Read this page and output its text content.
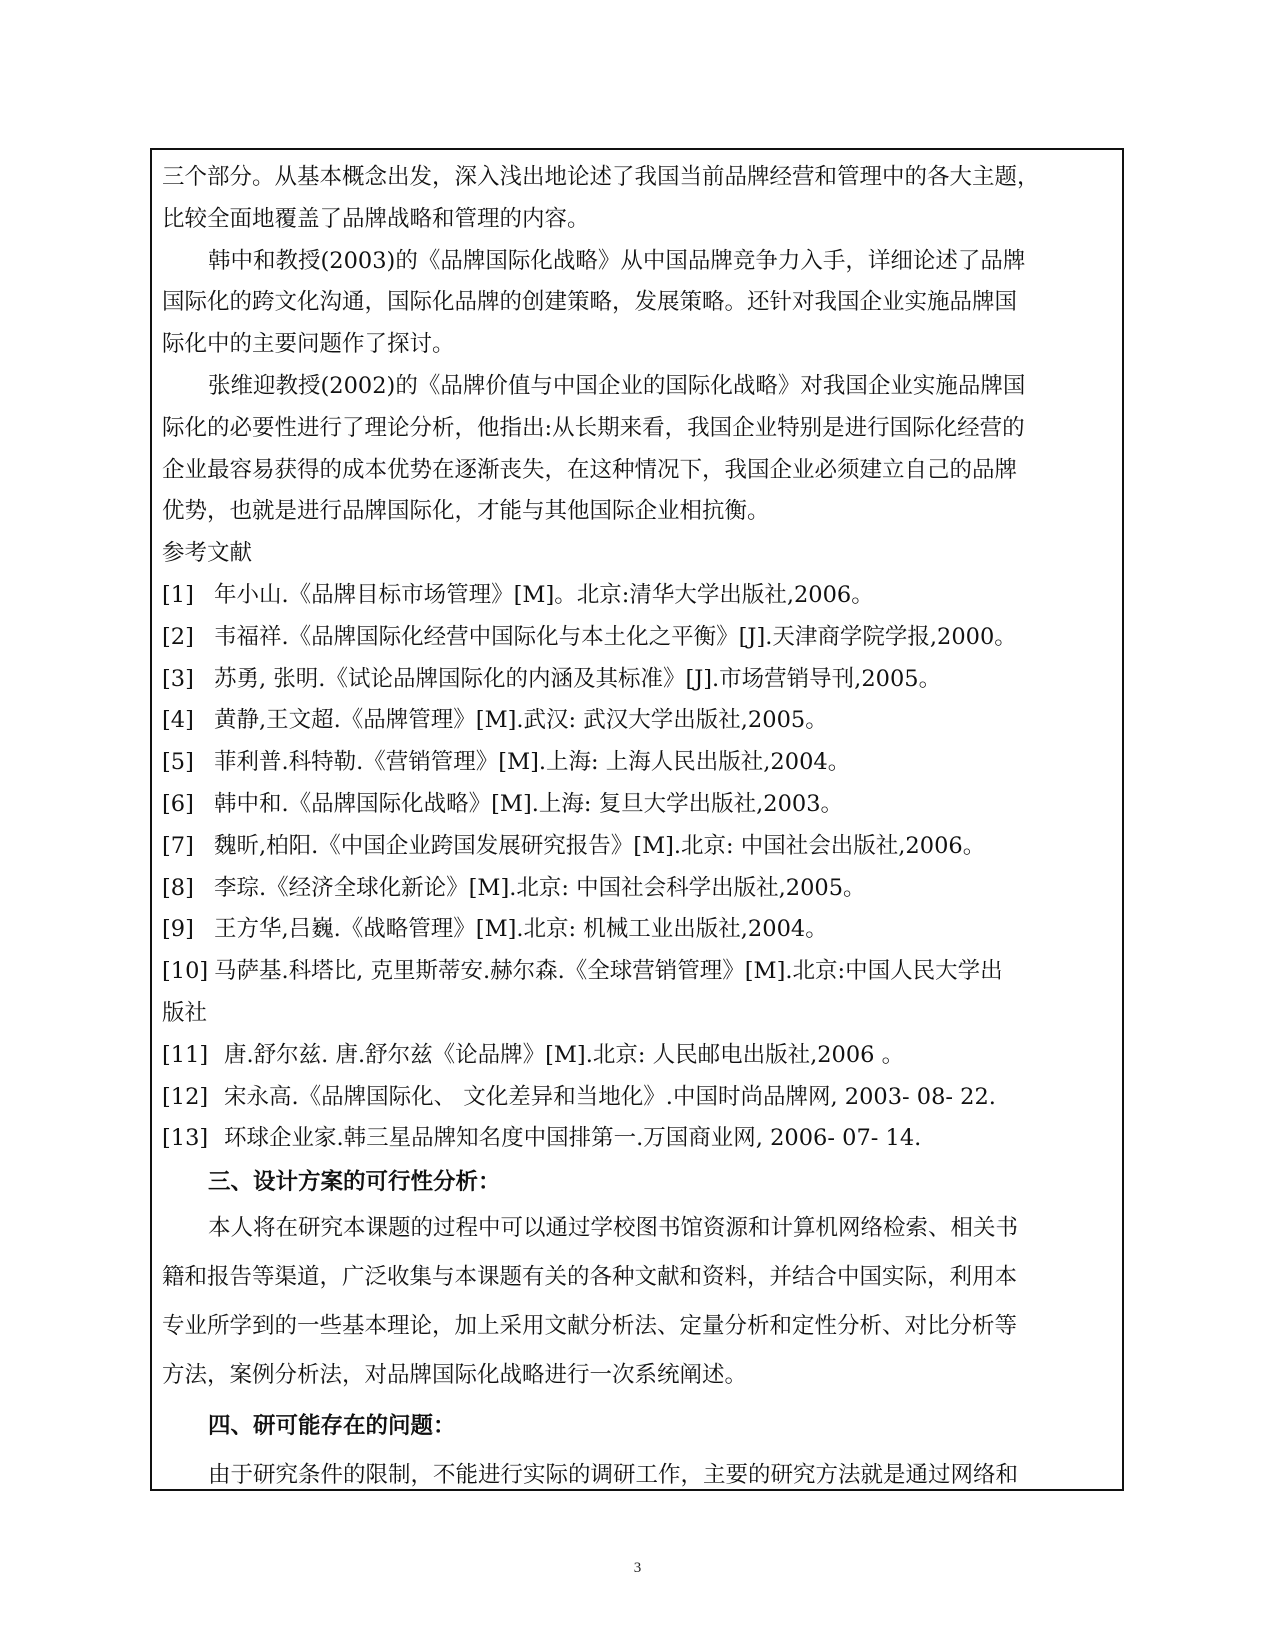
三个部分。从基本概念出发，深入浅出地论述了我国当前品牌经营和管理中的各大主题，

比较全面地覆盖了品牌战略和管理的内容。

韩中和教授(2003)的《品牌国际化战略》从中国品牌竞争力入手，详细论述了品牌

国际化的跨文化沟通，国际化品牌的创建策略，发展策略。还针对我国企业实施品牌国

际化中的主要问题作了探讨。

张维迎教授(2002)的《品牌价值与中国企业的国际化战略》对我国企业实施品牌国

际化的必要性进行了理论分析，他指出:从长期来看，我国企业特别是进行国际化经营的

企业最容易获得的成本优势在逐渐丧失，在这种情况下，我国企业必须建立自己的品牌

优势，也就是进行品牌国际化，才能与其他国际企业相抗衡。

参考文献

[1] 年小山.《品牌目标市场管理》[M]。北京:清华大学出版社,2006。

[2] 韦福祥.《品牌国际化经营中国际化与本土化之平衡》[J].天津商学院学报,2000。

[3] 苏勇, 张明.《试论品牌国际化的内涵及其标准》[J].市场营销导刊,2005。

[4] 黄静,王文超.《品牌管理》[M].武汉: 武汉大学出版社,2005。

[5] 菲利普.科特勒.《营销管理》[M].上海: 上海人民出版社,2004。

[6] 韩中和.《品牌国际化战略》[M].上海: 复旦大学出版社,2003。

[7] 魏昕,柏阳.《中国企业跨国发展研究报告》[M].北京: 中国社会出版社,2006。

[8] 李琮.《经济全球化新论》[M].北京: 中国社会科学出版社,2005。

[9] 王方华,吕巍.《战略管理》[M].北京: 机械工业出版社,2004。

[10] 马萨基.科塔比, 克里斯蒂安.赫尔森.《全球营销管理》[M].北京:中国人民大学出

版社

[11] 唐.舒尔兹. 唐.舒尔兹《论品牌》[M].北京: 人民邮电出版社,2006 。

[12] 宋永高.《品牌国际化、 文化差异和当地化》.中国时尚品牌网, 2003- 08- 22.

[13] 环球企业家.韩三星品牌知名度中国排第一.万国商业网, 2006- 07- 14.

三、设计方案的可行性分析：

本人将在研究本课题的过程中可以通过学校图书馆资源和计算机网络检索、相关书

籍和报告等渠道，广泛收集与本课题有关的各种文献和资料，并结合中国实际，利用本

专业所学到的一些基本理论，加上采用文献分析法、定量分析和定性分析、对比分析等

方法，案例分析法，对品牌国际化战略进行一次系统阐述。

四、研可能存在的问题：

由于研究条件的限制，不能进行实际的调研工作，主要的研究方法就是通过网络和

3
